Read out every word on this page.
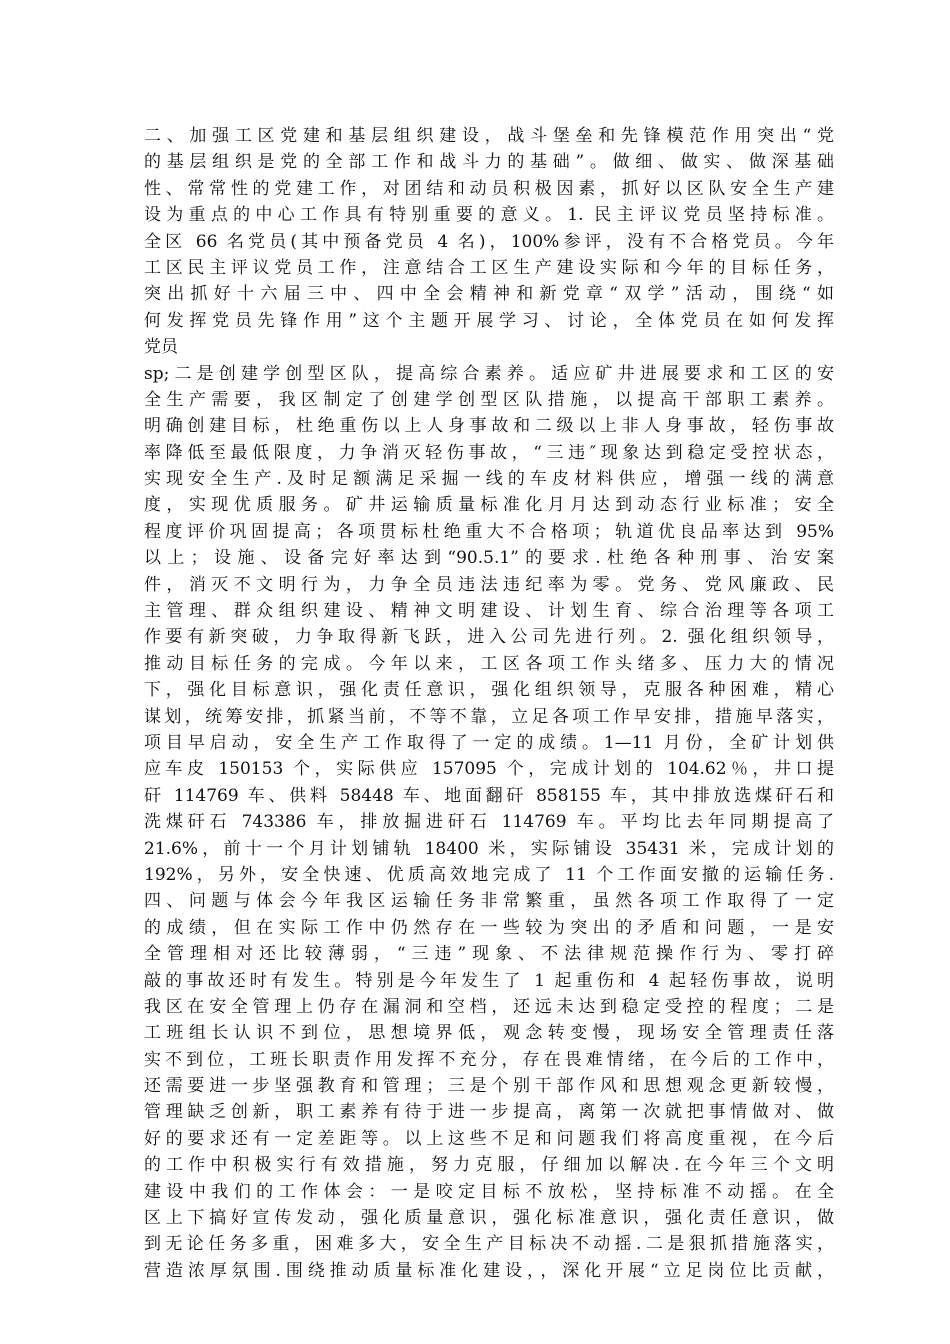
二、加强工区党建和基层组织建设，战斗堡垒和先锋模范作用突出“党
的基层组织是党的全部工作和战斗力的基础”。做细、做实、做深基础
性、常常性的党建工作，对团结和动员积极因素，抓好以区队安全生产建
设为重点的中心工作具有特别重要的意义。1. 民主评议党员坚持标准。
全区 66 名党员(其中预备党员 4 名)，100%参评，没有不合格党员。今年
工区民主评议党员工作，注意结合工区生产建设实际和今年的目标任务，
突出抓好十六届三中、四中全会精神和新党章“双学”活动，围绕“如
何发挥党员先锋作用”这个主题开展学习、讨论，全体党员在如何发挥
党员
sp;二是创建学创型区队，提高综合素养。适应矿井进展要求和工区的安
全生产需要，我区制定了创建学创型区队措施，以提高干部职工素养。
明确创建目标，杜绝重伤以上人身事故和二级以上非人身事故，轻伤事故
率降低至最低限度，力争消灭轻伤事故，“三违″现象达到稳定受控状态，
实现安全生产.及时足额满足采掘一线的车皮材料供应，增强一线的满意
度，实现优质服务。矿井运输质量标准化月月达到动态行业标准；安全
程度评价巩固提高；各项贯标杜绝重大不合格项；轨道优良品率达到 95%
以上；设施、设备完好率达到“90.5.1”的要求.杜绝各种刑事、治安案
件，消灭不文明行为，力争全员违法违纪率为零。党务、党风廉政、民
主管理、群众组织建设、精神文明建设、计划生育、综合治理等各项工
作要有新突破，力争取得新飞跃，进入公司先进行列。2. 强化组织领导，
推动目标任务的完成。今年以来，工区各项工作头绪多、压力大的情况
下，强化目标意识，强化责任意识，强化组织领导，克服各种困难，精心
谋划，统筹安排，抓紧当前，不等不靠，立足各项工作早安排，措施早落实，
项目早启动，安全生产工作取得了一定的成绩。1—11 月份，全矿计划供
应车皮 150153 个，实际供应 157095 个，完成计划的 104.62％，井口提
矸 114769 车、供料 58448 车、地面翻矸 858155 车，其中排放选煤矸石和
洗煤矸石 743386 车，排放掘进矸石 114769 车。平均比去年同期提高了
21.6%，前十一个月计划铺轨 18400 米，实际铺设 35431 米，完成计划的
192%，另外，安全快速、优质高效地完成了 11 个工作面安撤的运输任务.
四、问题与体会今年我区运输任务非常繁重，虽然各项工作取得了一定
的成绩，但在实际工作中仍然存在一些较为突出的矛盾和问题，一是安
全管理相对还比较薄弱，“三违”现象、不法律规范操作行为、零打碎
敲的事故还时有发生。特别是今年发生了 1 起重伤和 4 起轻伤事故，说明
我区在安全管理上仍存在漏洞和空档，还远未达到稳定受控的程度；二是
工班组长认识不到位，思想境界低，观念转变慢，现场安全管理责任落
实不到位，工班长职责作用发挥不充分，存在畏难情绪，在今后的工作中，
还需要进一步坚强教育和管理；三是个别干部作风和思想观念更新较慢，
管理缺乏创新，职工素养有待于进一步提高，离第一次就把事情做对、做
好的要求还有一定差距等。以上这些不足和问题我们将高度重视，在今后
的工作中积极实行有效措施，努力克服，仔细加以解决.在今年三个文明
建设中我们的工作体会：一是咬定目标不放松，坚持标准不动摇。在全
区上下搞好宣传发动，强化质量意识，强化标准意识，强化责任意识，做
到无论任务多重，困难多大，安全生产目标决不动摇.二是狠抓措施落实，
营造浓厚氛围.围绕推动质量标准化建设，，深化开展“立足岗位比贡献，
